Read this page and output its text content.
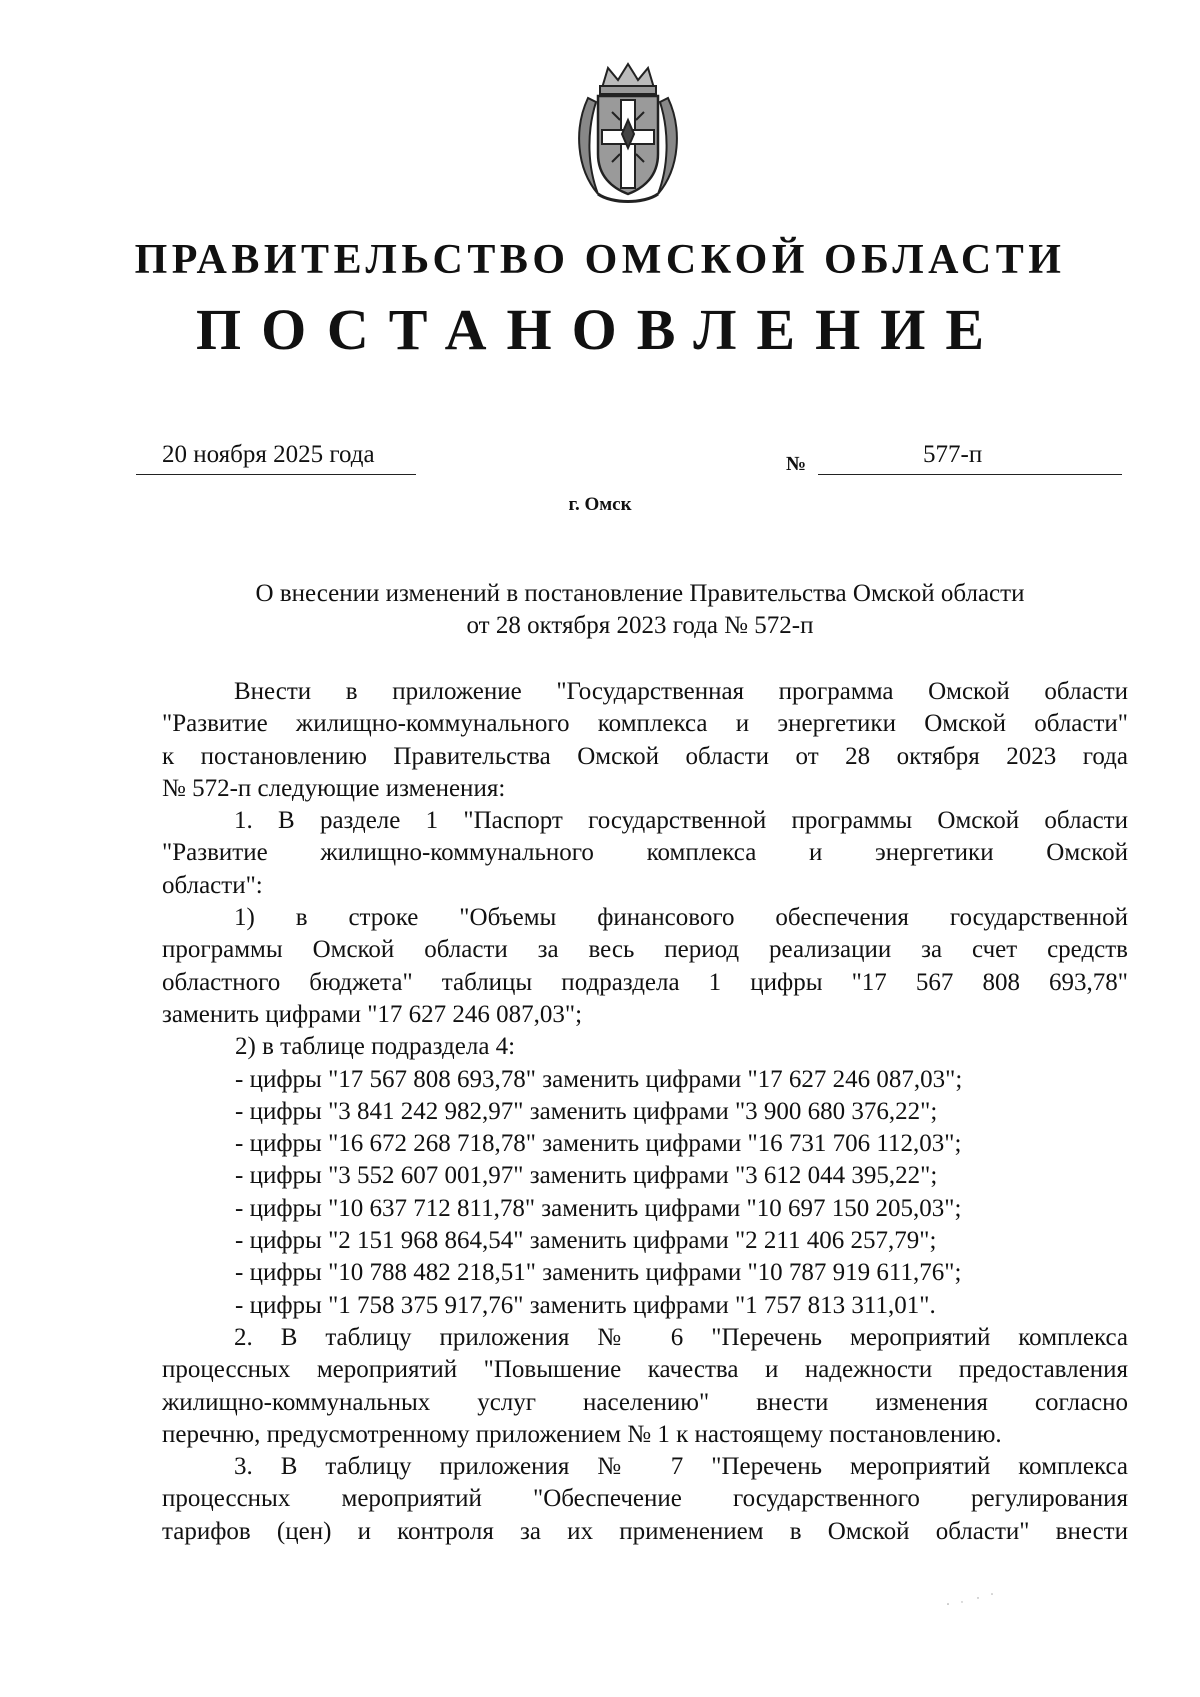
ПРАВИТЕЛЬСТВО ОМСКОЙ ОБЛАСТИ
ПОСТАНОВЛЕНИЕ
20 ноября 2025 года	№	577-п
г. Омск
О внесении изменений в постановление Правительства Омской области
от 28 октября 2023 года № 572-п

Внести в приложение "Государственная программа Омской области

"Развитие жилищно-коммунального комплекса и энергетики Омской области"

к постановлению Правительства Омской области от 28 октября 2023 года

№ 572-п следующие изменения:

1. В разделе 1 "Паспорт государственной программы Омской области

"Развитие жилищно-коммунального комплекса и энергетики Омской

области":

1) в строке "Объемы финансового обеспечения государственной

программы Омской области за весь период реализации за счет средств

областного бюджета" таблицы подраздела 1 цифры "17 567 808 693,78"

заменить цифрами "17 627 246 087,03";

2) в таблице подраздела 4:

- цифры "17 567 808 693,78" заменить цифрами "17 627 246 087,03";

- цифры "3 841 242 982,97" заменить цифрами "3 900 680 376,22";

- цифры "16 672 268 718,78" заменить цифрами "16 731 706 112,03";

- цифры "3 552 607 001,97" заменить цифрами "3 612 044 395,22";

- цифры "10 637 712 811,78" заменить цифрами "10 697 150 205,03";

- цифры "2 151 968 864,54" заменить цифрами "2 211 406 257,79";

- цифры "10 788 482 218,51" заменить цифрами "10 787 919 611,76";

- цифры "1 758 375 917,76" заменить цифрами "1 757 813 311,01".

2. В таблицу приложения № 6 "Перечень мероприятий комплекса

процессных мероприятий "Повышение качества и надежности предоставления

жилищно-коммунальных услуг населению" внести изменения согласно

перечню, предусмотренному приложением № 1 к настоящему постановлению.

3. В таблицу приложения № 7 "Перечень мероприятий комплекса

процессных мероприятий "Обеспечение государственного регулирования

тарифов (цен) и контроля за их применением в Омской области" внести
